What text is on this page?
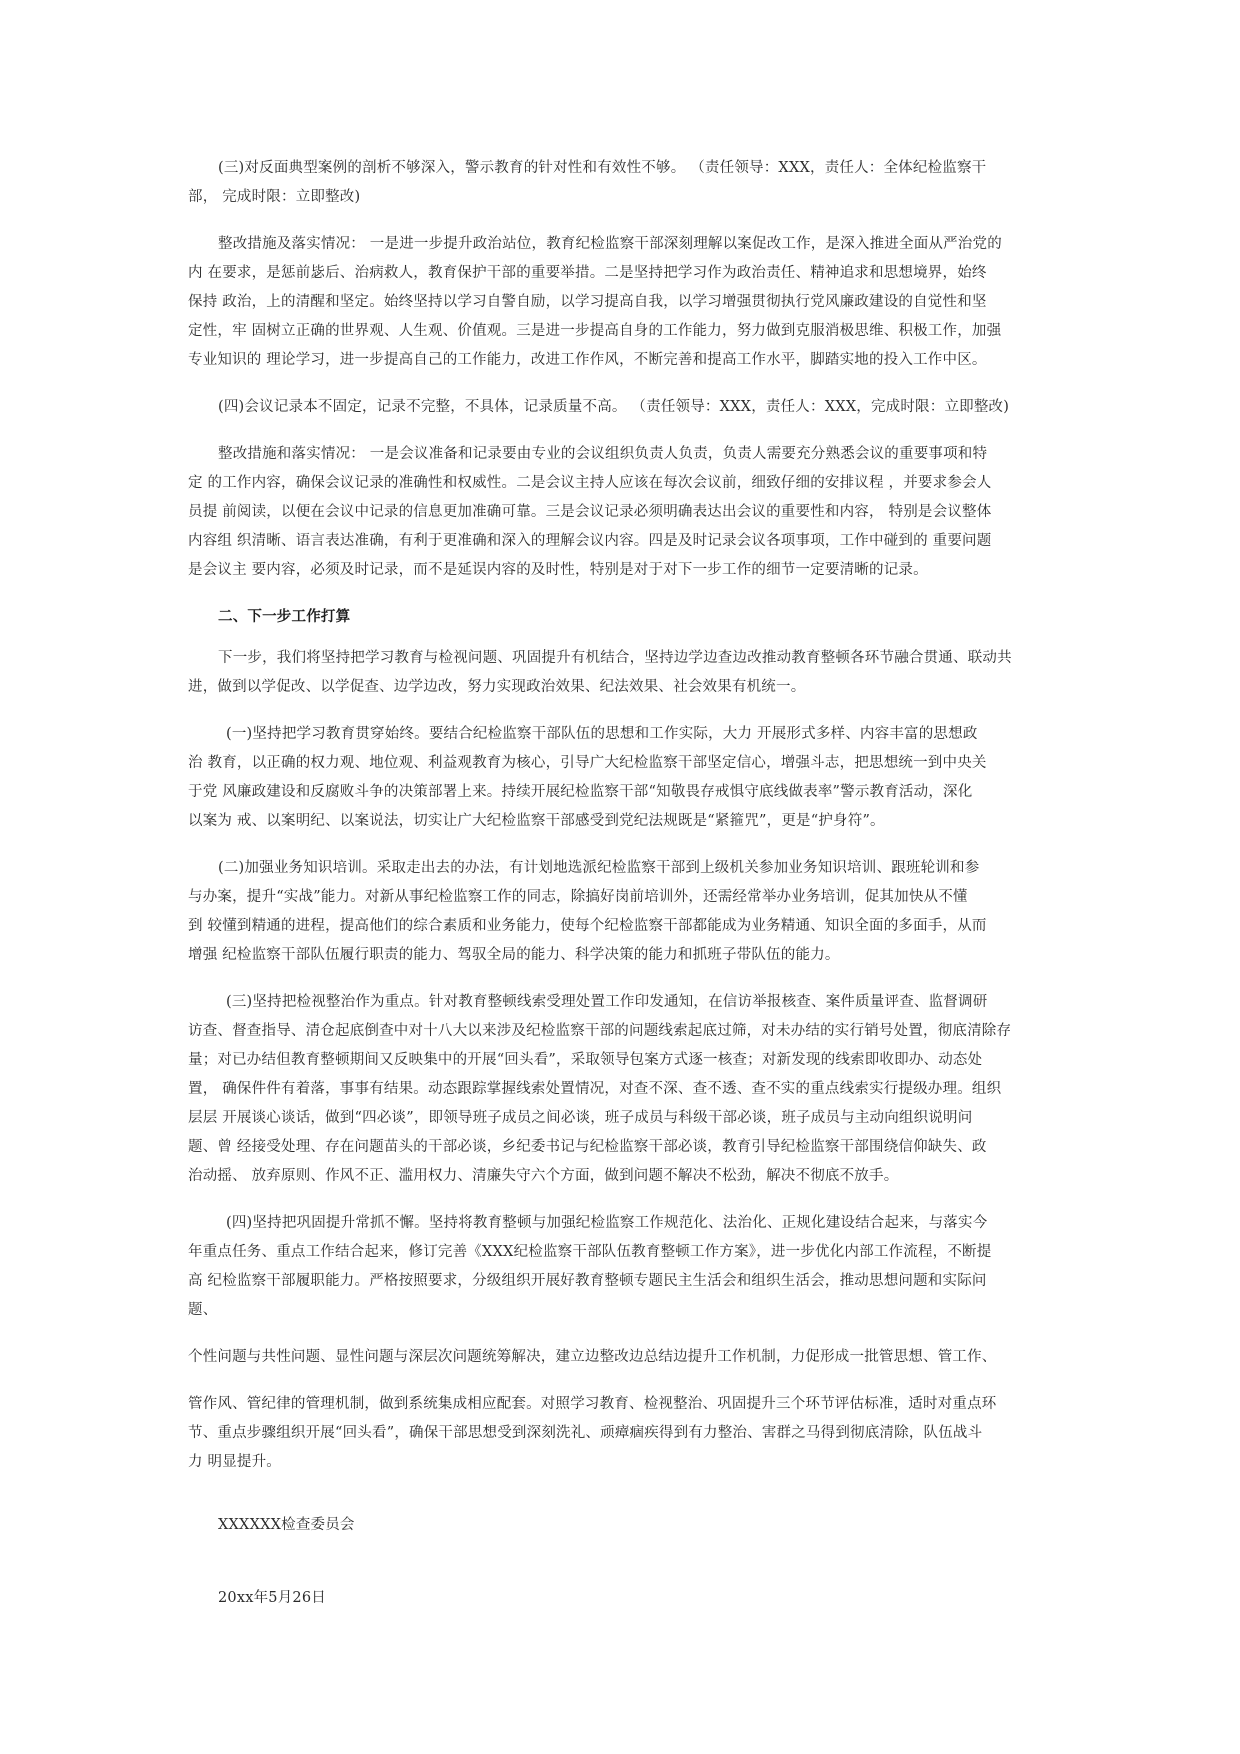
(三)对反面典型案例的剖析不够深入，警示教育的针对性和有效性不够。 （责任领导：XXX，责任人：全体纪检监察干
部， 完成时限：立即整改)

整改措施及落实情况： 一是进一步提升政治站位，教育纪检监察干部深刻理解以案促改工作，是深入推进全面从严治党的
内 在要求，是惩前毖后、治病救人，教育保护干部的重要举措。二是坚持把学习作为政治责任、精神追求和思想境界，始终
保持 政治，上的清醒和坚定。始终坚持以学习自警自励，以学习提高自我，以学习增强贯彻执行党风廉政建设的自觉性和坚
定性，牢 固树立正确的世界观、人生观、价值观。三是进一步提高自身的工作能力，努力做到克服消极思维、积极工作，加强
专业知识的 理论学习，进一步提高自己的工作能力，改进工作作风，不断完善和提高工作水平，脚踏实地的投入工作中区。

(四)会议记录本不固定，记录不完整，不具体，记录质量不高。 （责任领导：XXX，责任人：XXX，完成时限：立即整改)

整改措施和落实情况： 一是会议准备和记录要由专业的会议组织负责人负责，负责人需要充分熟悉会议的重要事项和特
定 的工作内容，确保会议记录的准确性和权威性。二是会议主持人应该在每次会议前，细致仔细的安排议程 ，并要求参会人
员提 前阅读，以便在会议中记录的信息更加准确可靠。三是会议记录必须明确表达出会议的重要性和内容， 特别是会议整体
内容组 织清晰、语言表达准确，有利于更准确和深入的理解会议内容。四是及时记录会议各项事项，工作中碰到的 重要问题
是会议主 要内容，必须及时记录，而不是延误内容的及时性，特别是对于对下一步工作的细节一定要清晰的记录。

二、下一步工作打算

下一步，我们将坚持把学习教育与检视问题、巩固提升有机结合，坚持边学边查边改推动教育整顿各环节融合贯通、联动共
进，做到以学促改、以学促查、边学边改，努力实现政治效果、纪法效果、社会效果有机统一。

(一)坚持把学习教育贯穿始终。要结合纪检监察干部队伍的思想和工作实际，大力 开展形式多样、内容丰富的思想政
治 教育，以正确的权力观、地位观、利益观教育为核心，引导广大纪检监察干部坚定信心，增强斗志，把思想统一到中央关
于党 风廉政建设和反腐败斗争的决策部署上来。持续开展纪检监察干部“知敬畏存戒惧守底线做表率”警示教育活动，深化
以案为 戒、以案明纪、以案说法，切实让广大纪检监察干部感受到党纪法规既是“紧箍咒”，更是“护身符”。

(二)加强业务知识培训。采取走出去的办法，有计划地选派纪检监察干部到上级机关参加业务知识培训、跟班轮训和参
与办案，提升“实战”能力。对新从事纪检监察工作的同志，除搞好岗前培训外，还需经常举办业务培训，促其加快从不懂
到 较懂到精通的进程，提高他们的综合素质和业务能力，使每个纪检监察干部都能成为业务精通、知识全面的多面手，从而
增强 纪检监察干部队伍履行职责的能力、驾驭全局的能力、科学决策的能力和抓班子带队伍的能力。

(三)坚持把检视整治作为重点。针对教育整顿线索受理处置工作印发通知，在信访举报核查、案件质量评查、监督调研
访查、督查指导、清仓起底倒查中对十八大以来涉及纪检监察干部的问题线索起底过筛，对未办结的实行销号处置，彻底清除存
量；对已办结但教育整顿期间又反映集中的开展“回头看”，采取领导包案方式逐一核查；对新发现的线索即收即办、动态处
置， 确保件件有着落，事事有结果。动态跟踪掌握线索处置情况，对查不深、查不透、查不实的重点线索实行提级办理。组织
层层 开展谈心谈话，做到“四必谈”，即领导班子成员之间必谈，班子成员与科级干部必谈，班子成员与主动向组织说明问
题、曾 经接受处理、存在问题苗头的干部必谈，乡纪委书记与纪检监察干部必谈，教育引导纪检监察干部围绕信仰缺失、政
治动摇、 放弃原则、作风不正、滥用权力、清廉失守六个方面，做到问题不解决不松劲，解决不彻底不放手。

(四)坚持把巩固提升常抓不懈。坚持将教育整顿与加强纪检监察工作规范化、法治化、正规化建设结合起来，与落实今
年重点任务、重点工作结合起来，修订完善《XXX纪检监察干部队伍教育整顿工作方案》，进一步优化内部工作流程，不断提
高 纪检监察干部履职能力。严格按照要求，分级组织开展好教育整顿专题民主生活会和组织生活会，推动思想问题和实际问
题、

个性问题与共性问题、显性问题与深层次问题统筹解决，建立边整改边总结边提升工作机制，力促形成一批管思想、管工作、

管作风、管纪律的管理机制，做到系统集成相应配套。对照学习教育、检视整治、巩固提升三个环节评估标准，适时对重点环
节、重点步骤组织开展“回头看”，确保干部思想受到深刻洗礼、顽瘴痼疾得到有力整治、害群之马得到彻底清除，队伍战斗
力 明显提升。

XXXXXX检查委员会

20xx年5月26日
